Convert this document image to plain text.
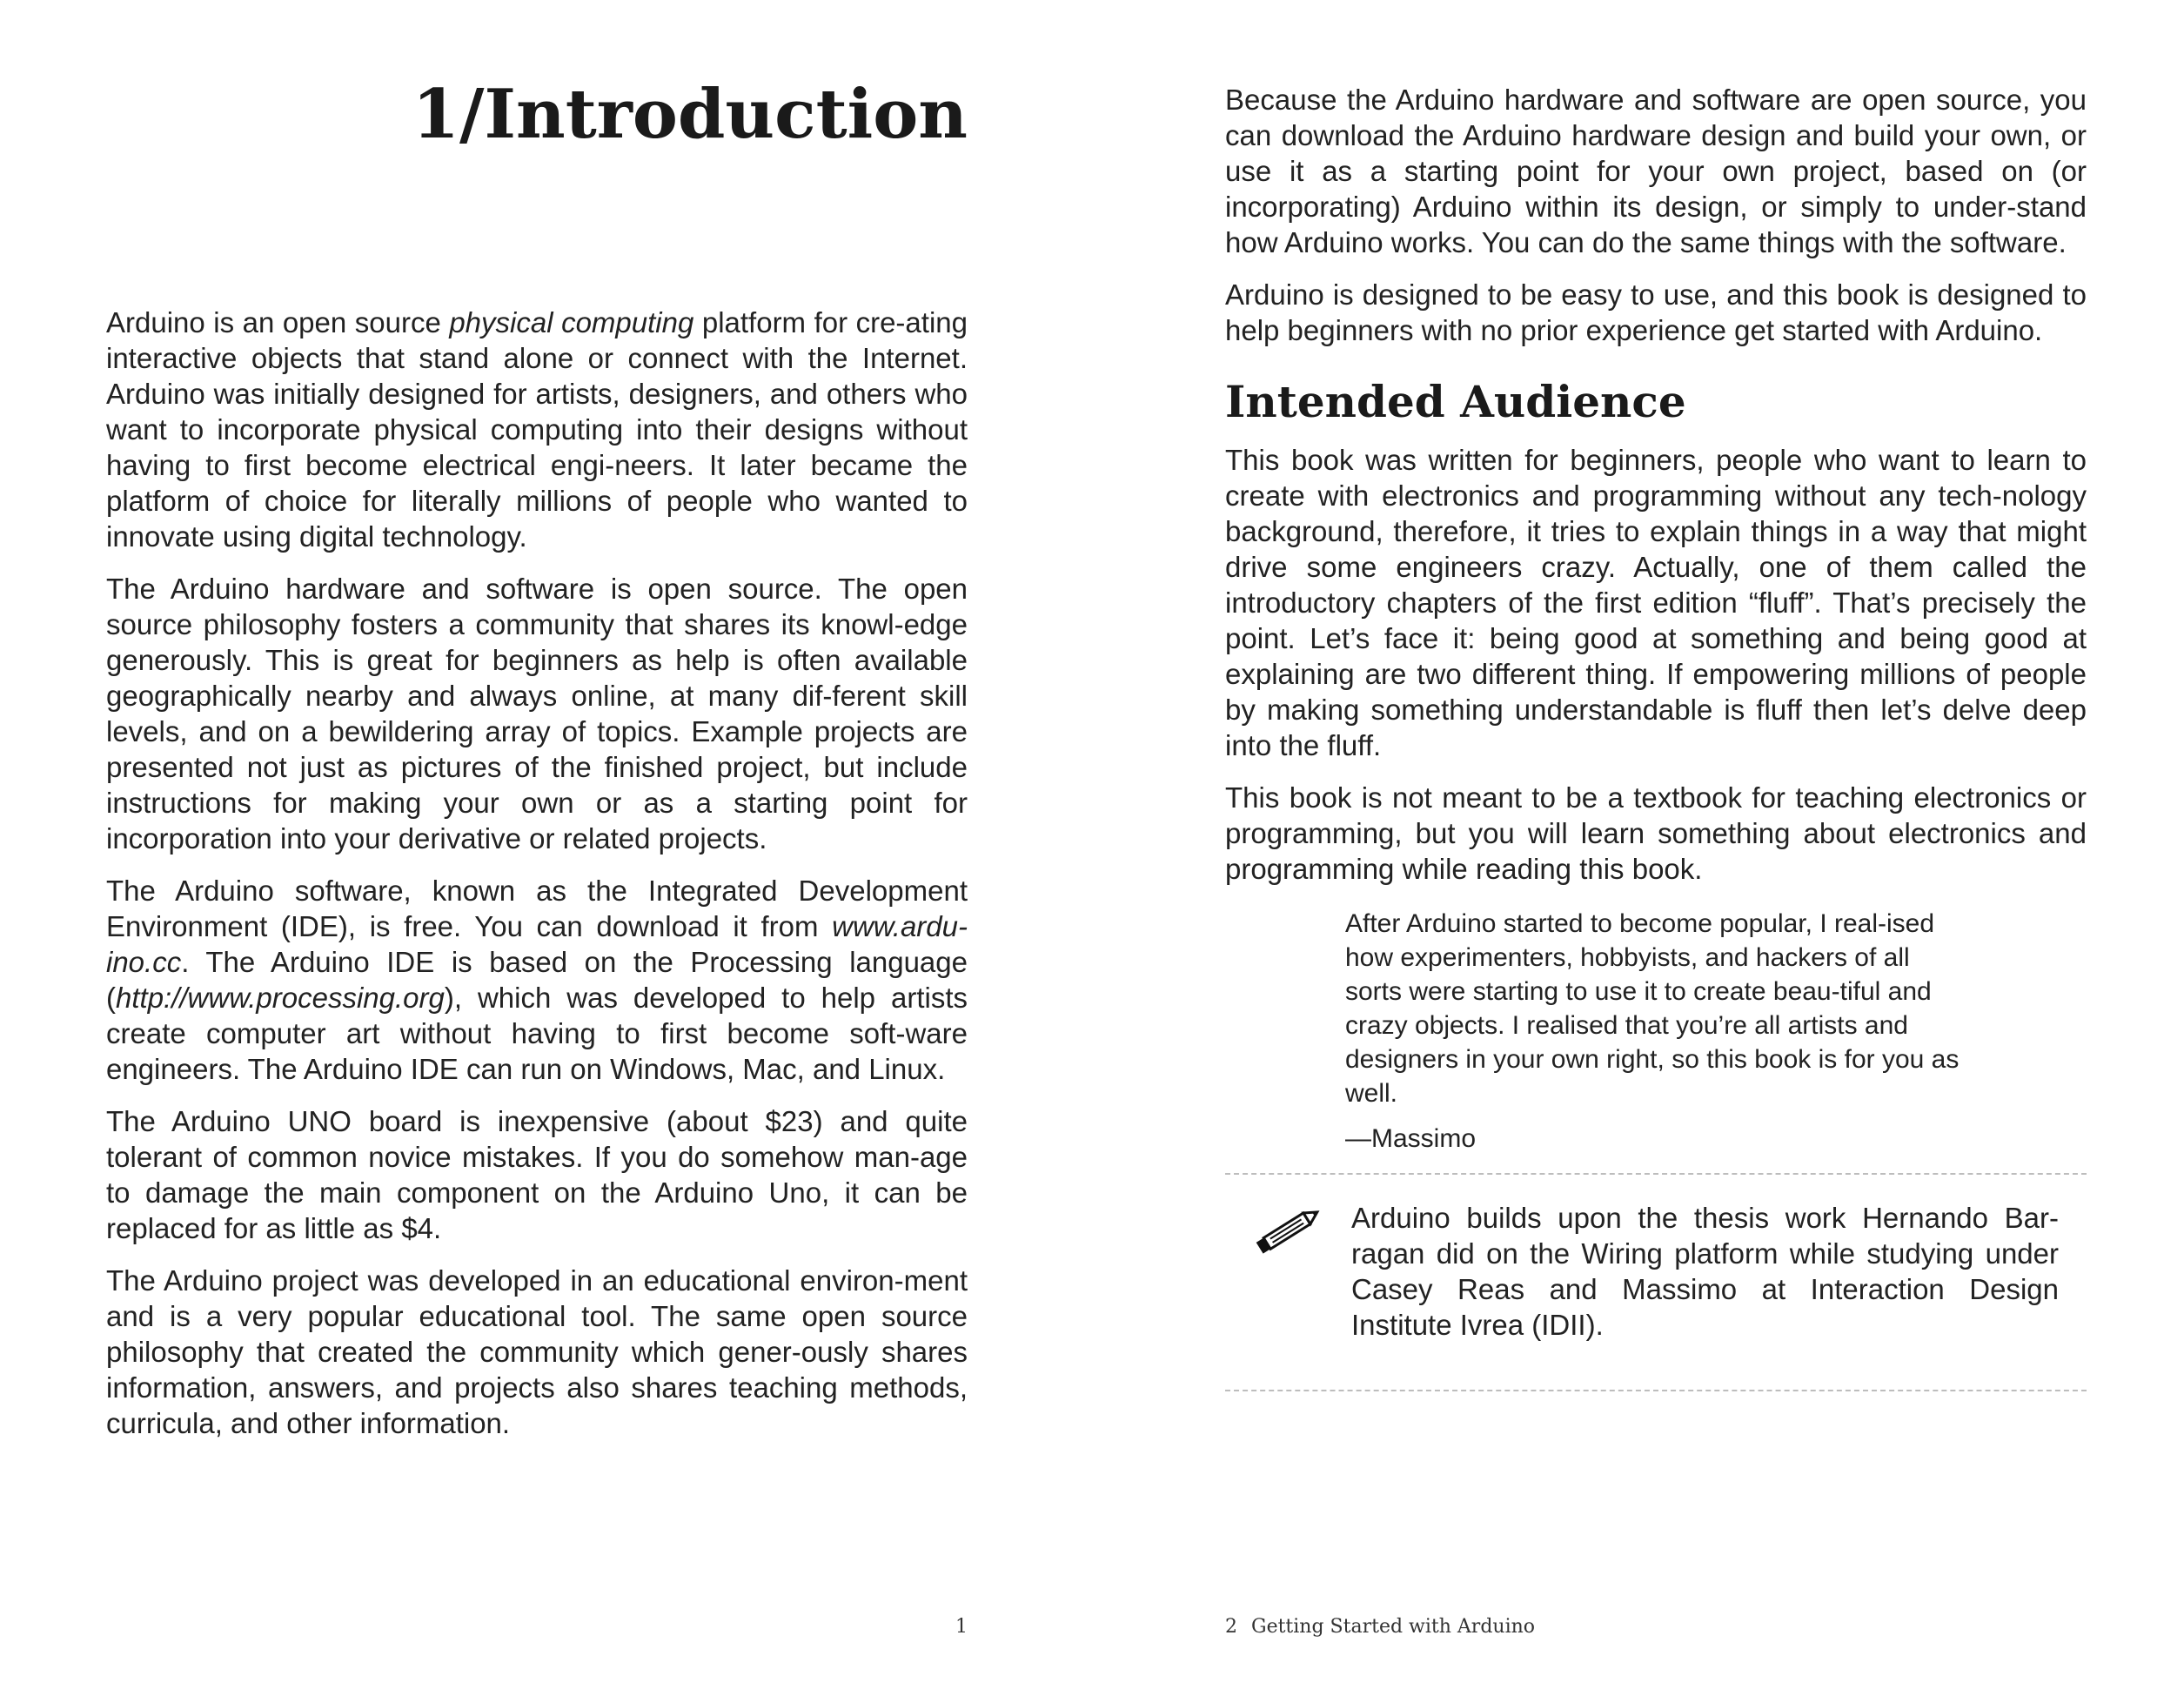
1/Introduction

Arduino is an open source physical computing platform for cre-ating interactive objects that stand alone or connect with the Internet. Arduino was initially designed for artists, designers, and others who want to incorporate physical computing into their designs without having to first become electrical engi-neers. It later became the platform of choice for literally millions of people who wanted to innovate using digital technology.

The Arduino hardware and software is open source. The open source philosophy fosters a community that shares its knowl-edge generously. This is great for beginners as help is often available geographically nearby and always online, at many dif-ferent skill levels, and on a bewildering array of topics. Example projects are presented not just as pictures of the finished project, but include instructions for making your own or as a starting point for incorporation into your derivative or related projects.

The Arduino software, known as the Integrated Development Environment (IDE), is free. You can download it from www.ardu-ino.cc. The Arduino IDE is based on the Processing language (http://www.processing.org), which was developed to help artists create computer art without having to first become soft-ware engineers. The Arduino IDE can run on Windows, Mac, and Linux.

The Arduino UNO board is inexpensive (about $23) and quite tolerant of common novice mistakes. If you do somehow man-age to damage the main component on the Arduino Uno, it can be replaced for as little as $4.

The Arduino project was developed in an educational environ-ment and is a very popular educational tool. The same open source philosophy that created the community which gener-ously shares information, answers, and projects also shares teaching methods, curricula, and other information.

1

Because the Arduino hardware and software are open source, you can download the Arduino hardware design and build your own, or use it as a starting point for your own project, based on (or incorporating) Arduino within its design, or simply to under-stand how Arduino works. You can do the same things with the software.

Arduino is designed to be easy to use, and this book is designed to help beginners with no prior experience get started with Arduino.

Intended Audience

This book was written for beginners, people who want to learn to create with electronics and programming without any tech-nology background, therefore, it tries to explain things in a way that might drive some engineers crazy. Actually, one of them called the introductory chapters of the first edition “fluff”. That’s precisely the point. Let’s face it: being good at something and being good at explaining are two different thing. If empowering millions of people by making something understandable is fluff then let’s delve deep into the fluff.

This book is not meant to be a textbook for teaching electronics or programming, but you will learn something about electronics and programming while reading this book.

After Arduino started to become popular, I real-ised how experimenters, hobbyists, and hackers of all sorts were starting to use it to create beau-tiful and crazy objects. I realised that you’re all artists and designers in your own right, so this book is for you as well.

—Massimo

Arduino builds upon the thesis work Hernando Bar-ragan did on the Wiring platform while studying under Casey Reas and Massimo at Interaction Design Institute Ivrea (IDII).

2 Getting Started with Arduino
